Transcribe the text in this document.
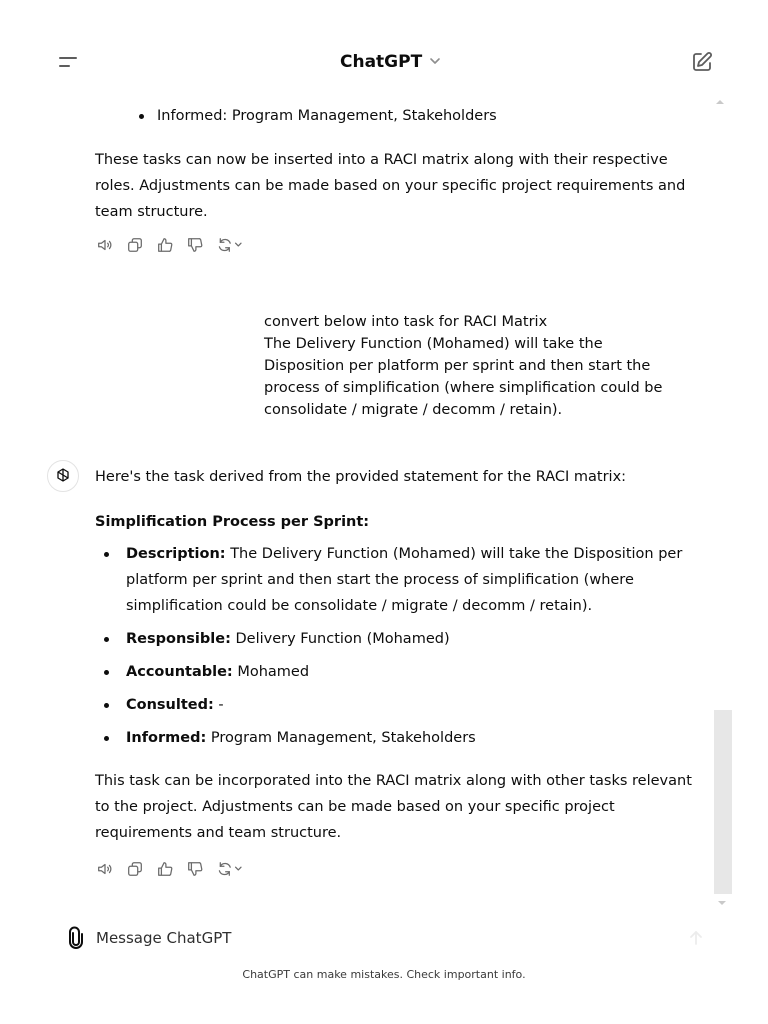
ChatGPT
Informed: Program Management, Stakeholders

These tasks can now be inserted into a RACI matrix along with their respective roles. Adjustments can be made based on your specific project requirements and team structure.

convert below into task for RACI Matrix
The Delivery Function (Mohamed) will take the Disposition per platform per sprint and then start the process of simplification (where simplification could be consolidate / migrate / decomm / retain).

Here's the task derived from the provided statement for the RACI matrix:

Simplification Process per Sprint:
Description: The Delivery Function (Mohamed) will take the Disposition per platform per sprint and then start the process of simplification (where simplification could be consolidate / migrate / decomm / retain).
Responsible: Delivery Function (Mohamed)
Accountable: Mohamed
Consulted: -
Informed: Program Management, Stakeholders

This task can be incorporated into the RACI matrix along with other tasks relevant to the project. Adjustments can be made based on your specific project requirements and team structure.

Message ChatGPT
ChatGPT can make mistakes. Check important info.
